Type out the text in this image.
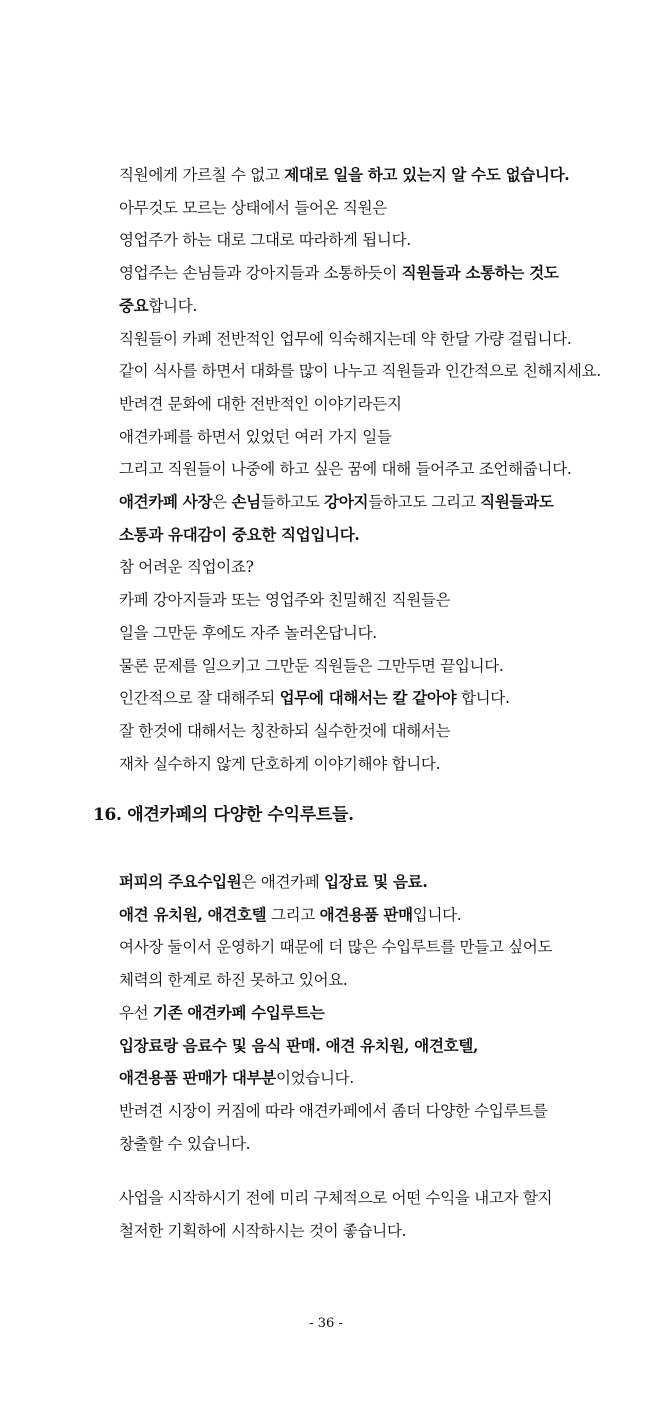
직원에게 가르칠 수 없고 제대로 일을 하고 있는지 알 수도 없습니다.
아무것도 모르는 상태에서 들어온 직원은
영업주가 하는 대로 그대로 따라하게 됩니다.
영업주는 손님들과 강아지들과 소통하듯이 직원들과 소통하는 것도
중요합니다.
직원들이 카페 전반적인 업무에 익숙해지는데 약 한달 가량 걸립니다.
같이 식사를 하면서 대화를 많이 나누고 직원들과 인간적으로 친해지세요.
반려견 문화에 대한 전반적인 이야기라든지
애견카페를 하면서 있었던 여러 가지 일들
그리고 직원들이 나중에 하고 싶은 꿈에 대해 들어주고 조언해줍니다.
애견카페 사장은 손님들하고도 강아지들하고도 그리고 직원들과도
소통과 유대감이 중요한 직업입니다.
참 어려운 직업이죠?
카페 강아지들과 또는 영업주와 친밀해진 직원들은
일을 그만둔 후에도 자주 놀러온답니다.
물론 문제를 일으키고 그만둔 직원들은 그만두면 끝입니다.
인간적으로 잘 대해주되 업무에 대해서는 칼 같아야 합니다.
잘 한것에 대해서는 칭찬하되 실수한것에 대해서는
재차 실수하지 않게 단호하게 이야기해야 합니다.
16. 애견카페의 다양한 수익루트들.
퍼피의 주요수입원은 애견카페 입장료 및 음료.
애견 유치원, 애견호텔 그리고 애견용품 판매입니다.
여사장 둘이서 운영하기 때문에 더 많은 수입루트를 만들고 싶어도
체력의 한계로 하진 못하고 있어요.
우선 기존 애견카페 수입루트는
입장료랑 음료수 및 음식 판매. 애견 유치원, 애견호텔,
애견용품 판매가 대부분이었습니다.
반려견 시장이 커짐에 따라 애견카페에서 좀더 다양한 수입루트를
창출할 수 있습니다.
사업을 시작하시기 전에 미리 구체적으로 어떤 수익을 내고자 할지
철저한 기획하에 시작하시는 것이 좋습니다.
- 36 -
